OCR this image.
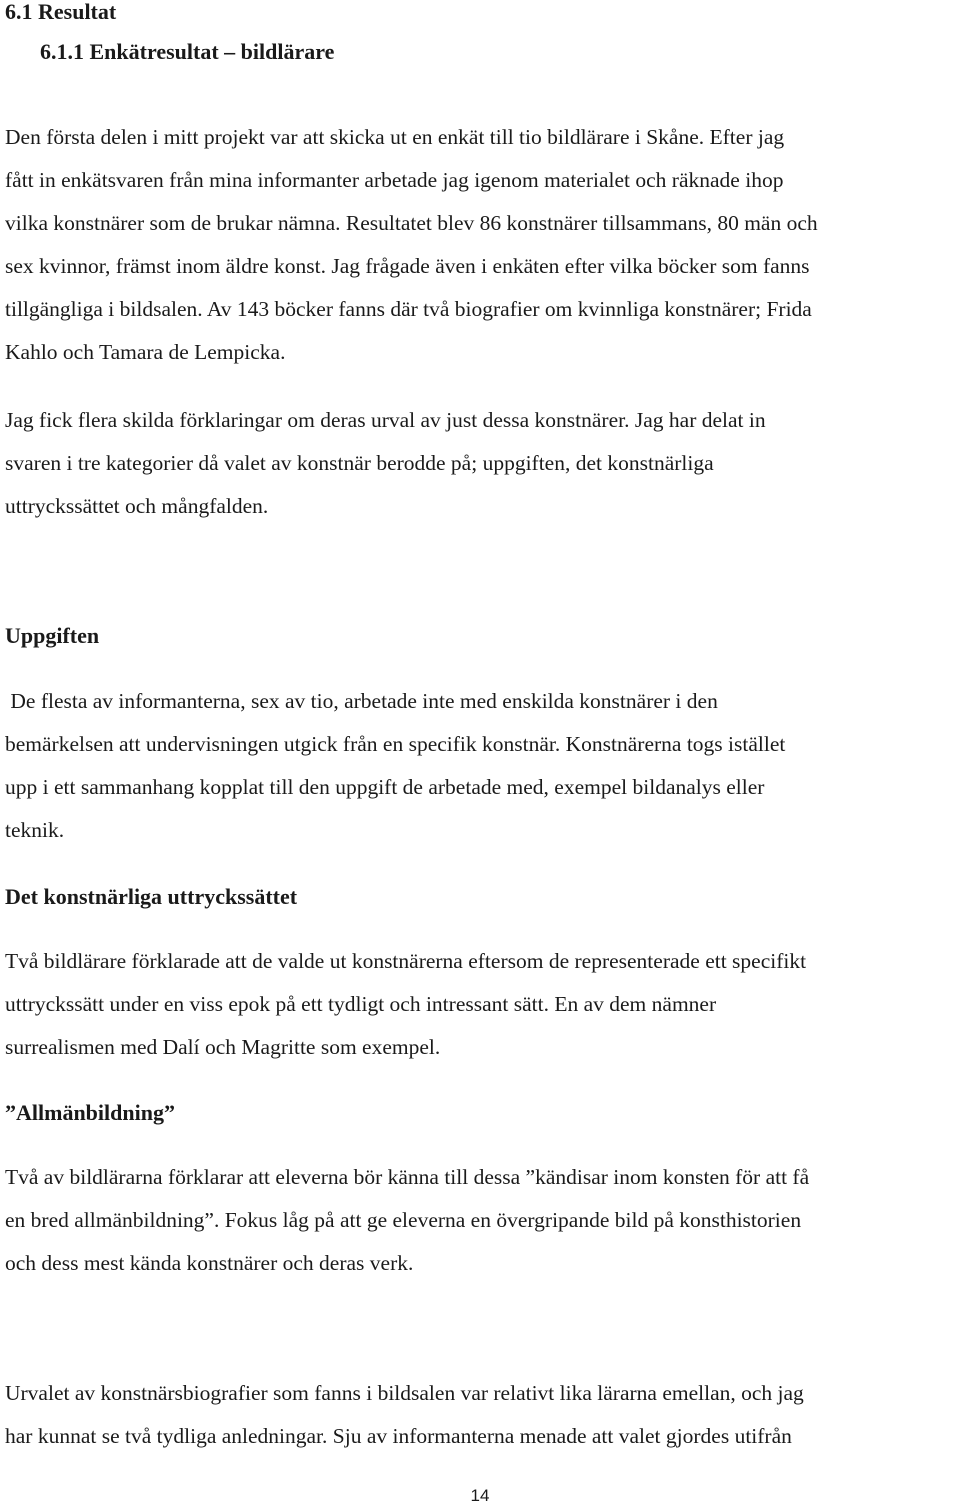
6.1 Resultat
6.1.1 Enkätresultat – bildlärare

Den första delen i mitt projekt var att skicka ut en enkät till tio bildlärare i Skåne. Efter jag
fått in enkätsvaren från mina informanter arbetade jag igenom materialet och räknade ihop
vilka konstnärer som de brukar nämna. Resultatet blev 86 konstnärer tillsammans, 80 män och
sex kvinnor, främst inom äldre konst. Jag frågade även i enkäten efter vilka böcker som fanns
tillgängliga i bildsalen. Av 143 böcker fanns där två biografier om kvinnliga konstnärer; Frida
Kahlo och Tamara de Lempicka.

Jag fick flera skilda förklaringar om deras urval av just dessa konstnärer. Jag har delat in
svaren i tre kategorier då valet av konstnär berodde på; uppgiften, det konstnärliga
uttryckssättet och mångfalden.

Uppgiften

De flesta av informanterna, sex av tio, arbetade inte med enskilda konstnärer i den
bemärkelsen att undervisningen utgick från en specifik konstnär. Konstnärerna togs istället
upp i ett sammanhang kopplat till den uppgift de arbetade med, exempel bildanalys eller
teknik.

Det konstnärliga uttryckssättet

Två bildlärare förklarade att de valde ut konstnärerna eftersom de representerade ett specifikt
uttryckssätt under en viss epok på ett tydligt och intressant sätt. En av dem nämner
surrealismen med Dalí och Magritte som exempel.

”Allmänbildning”

Två av bildlärarna förklarar att eleverna bör känna till dessa ”kändisar inom konsten för att få
en bred allmänbildning”. Fokus låg på att ge eleverna en övergripande bild på konsthistorien
och dess mest kända konstnärer och deras verk.

Urvalet av konstnärsbiografier som fanns i bildsalen var relativt lika lärarna emellan, och jag
har kunnat se två tydliga anledningar. Sju av informanterna menade att valet gjordes utifrån

14
